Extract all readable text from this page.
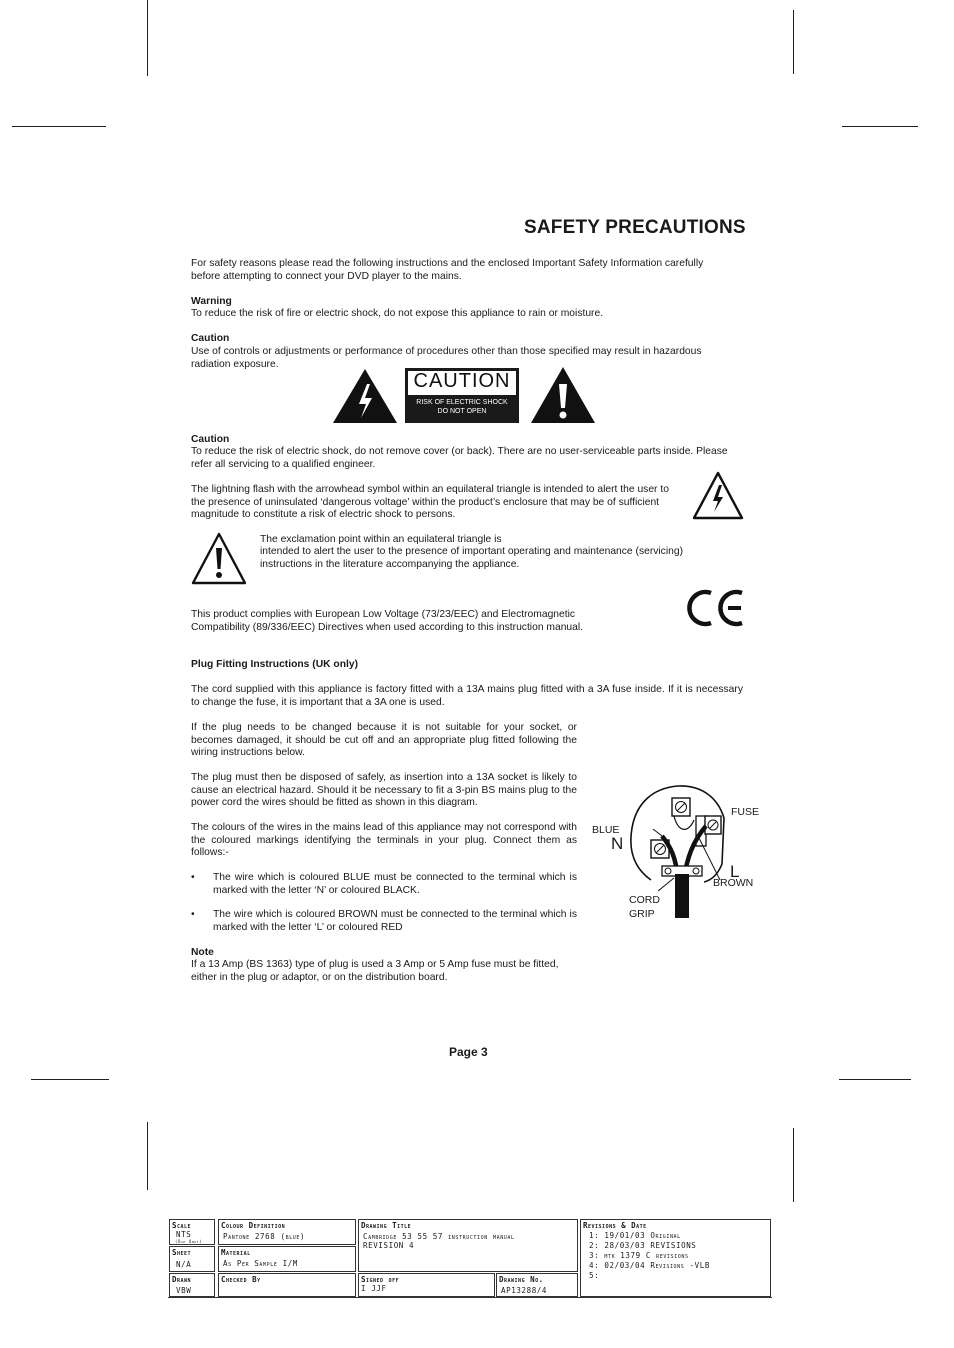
SAFETY PRECAUTIONS

For safety reasons please read the following instructions and the enclosed Important Safety Information carefully before attempting to connect your DVD player to the mains.

Warning

To reduce the risk of fire or electric shock, do not expose this appliance to rain or moisture.

Caution

Use of controls or adjustments or performance of procedures other than those specified may result in hazardous radiation exposure.

CAUTION
RISK OF ELECTRIC SHOCK
DO NOT OPEN
Caution

To reduce the risk of electric shock, do not remove cover (or back). There are no user-serviceable parts inside. Please refer all servicing to a qualified engineer.

The lightning flash with the arrowhead symbol within an equilateral triangle is intended to alert the user to the presence of uninsulated ‘dangerous voltage’ within the product’s enclosure that may be of sufficient magnitude to constitute a risk of electric shock to persons.

The exclamation point within an equilateral triangle is

intended to alert the user to the presence of important operating and maintenance (servicing) instructions in the literature accompanying the appliance.

This product complies with European Low Voltage (73/23/EEC) and Electromagnetic Compatibility (89/336/EEC) Directives when used according to this instruction manual.

Plug Fitting Instructions (UK only)

The cord supplied with this appliance is factory fitted with a 13A mains plug fitted with a 3A fuse inside. If it is necessary to change the fuse, it is important that a 3A one is used.

If the plug needs to be changed because it is not suitable for your socket, or becomes damaged, it should be cut off and an appropriate plug fitted following the wiring instructions below.

The plug must then be disposed of safely, as insertion into a 13A socket is likely to cause an electrical hazard. Should it be necessary to fit a 3-pin BS mains plug to the power cord the wires should be fitted as shown in this diagram.

The colours of the wires in the mains lead of this appliance may not correspond with the coloured markings identifying the terminals in your plug. Connect them as follows:-

• The wire which is coloured BLUE must be connected to the terminal which is marked with the letter ‘N’ or coloured BLACK.

• The wire which is coloured BROWN must be connected to the terminal which is marked with the letter ‘L’ or coloured RED

Note

If a 13 Amp (BS 1363) type of plug is used a 3 Amp or 5 Amp fuse must be fitted, either in the plug or adaptor, or on the distribution board.

FUSE
BLUE
N
L
BROWN
CORD
GRIP
Page 3
Scale
NTS
(Dae Onut)
Sheet
N/A
Drawn
VBW
Colour Definition
Pantone 2768 (blue)
Material
As Per Sample I/M
Checked By
Drawing Title
Cambridge 53 55 57 instruction manual
REVISION 4
Signed off
I JJF
Drawing No.
AP13288/4
Revisions & Date
1: 19/01/03 Original
2: 28/03/03 REVISIONS
3: mtk 1379 C revisions
4: 02/03/04 Revisions -VLB
5:
